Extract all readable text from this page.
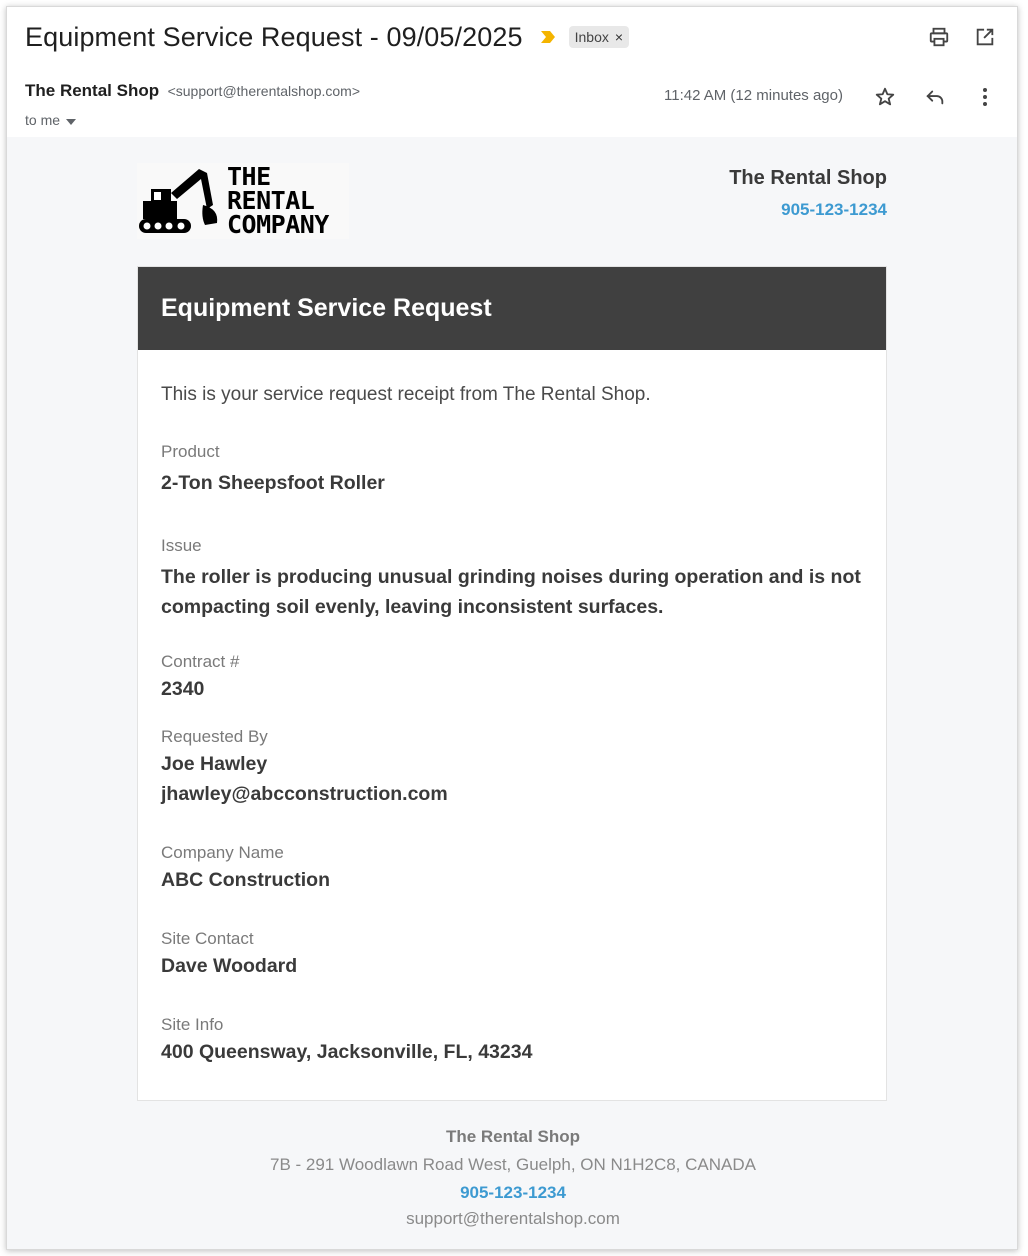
Equipment Service Request - 09/05/2025	Inbox ×
The Rental Shop <support@therentalshop.com>
to me
11:42 AM (12 minutes ago)
THE
RENTAL
COMPANY
The Rental Shop
905-123-1234
Equipment Service Request
This is your service request receipt from The Rental Shop.
Product
2-Ton Sheepsfoot Roller
Issue
The roller is producing unusual grinding noises during operation and is not compacting soil evenly, leaving inconsistent surfaces.
Contract #
2340
Requested By
Joe Hawley
jhawley@abcconstruction.com
Company Name
ABC Construction
Site Contact
Dave Woodard
Site Info
400 Queensway, Jacksonville, FL, 43234
The Rental Shop
7B - 291 Woodlawn Road West, Guelph, ON N1H2C8, CANADA
905-123-1234
support@therentalshop.com
